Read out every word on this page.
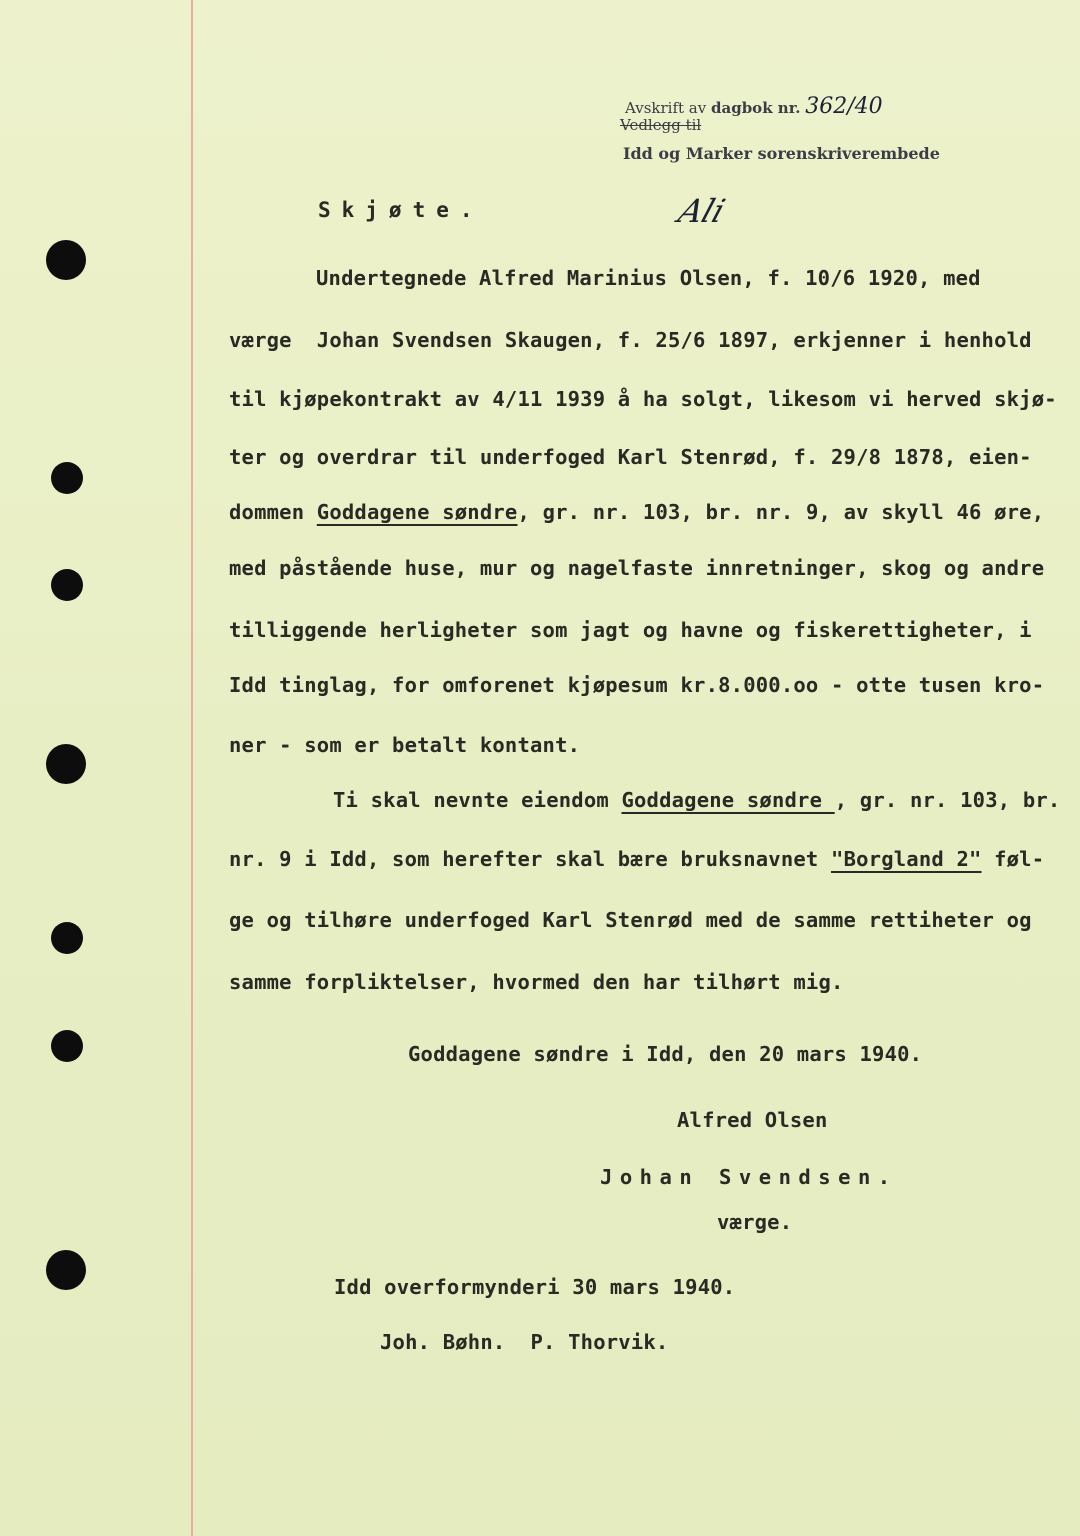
Avskrift av dagbok nr. 362/40
Vedlegg til
Idd og Marker sorenskriverembede
Skjøte.	Ali
Undertegnede Alfred Marinius Olsen, f. 10/6 1920, med
værge  Johan Svendsen Skaugen, f. 25/6 1897, erkjenner i henhold
til kjøpekontrakt av 4/11 1939 å ha solgt, likesom vi herved skjø-
ter og overdrar til underfoged Karl Stenrød, f. 29/8 1878, eien-
dommen Goddagene søndre, gr. nr. 103, br. nr. 9, av skyll 46 øre,
med påstående huse, mur og nagelfaste innretninger, skog og andre
tilliggende herligheter som jagt og havne og fiskerettigheter, i
Idd tinglag, for omforenet kjøpesum kr.8.000.oo - otte tusen kro-
ner - som er betalt kontant.
Ti skal nevnte eiendom Goddagene søndre , gr. nr. 103, br.
nr. 9 i Idd, som herefter skal bære bruksnavnet "Borgland 2" føl-
ge og tilhøre underfoged Karl Stenrød med de samme rettiheter og
samme forpliktelser, hvormed den har tilhørt mig.
Goddagene søndre i Idd, den 20 mars 1940.
Alfred Olsen
Johan Svendsen.
værge.
Idd overformynderi 30 mars 1940.
Joh. Bøhn.  P. Thorvik.
